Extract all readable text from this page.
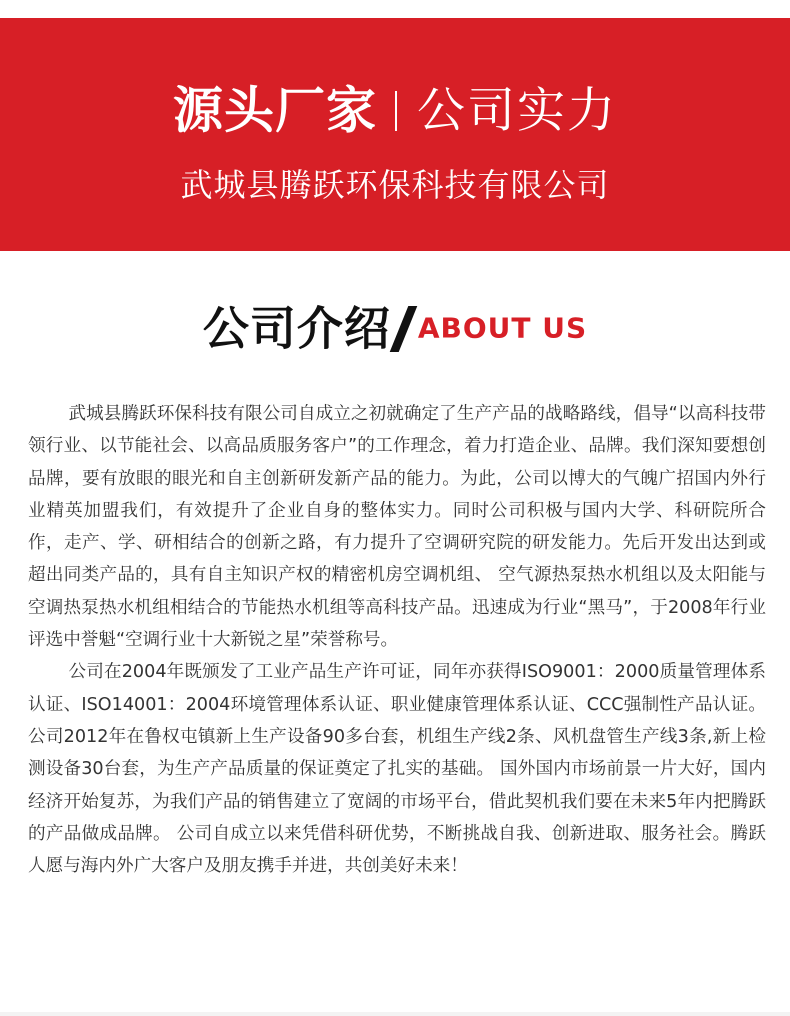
源头厂家 公司实力
武城县腾跃环保科技有限公司
公司介绍 ABOUT US

武城县腾跃环保科技有限公司自成立之初就确定了生产产品的战略路线，倡导“以高科技带领行业、以节能社会、以高品质服务客户”的工作理念，着力打造企业、品牌。我们深知要想创品牌，要有放眼的眼光和自主创新研发新产品的能力。为此，公司以博大的气魄广招国内外行业精英加盟我们，有效提升了企业自身的整体实力。同时公司积极与国内大学、科研院所合作，走产、学、研相结合的创新之路，有力提升了空调研究院的研发能力。先后开发出达到或超出同类产品的，具有自主知识产权的精密机房空调机组、 空气源热泵热水机组以及太阳能与空调热泵热水机组相结合的节能热水机组等高科技产品。迅速成为行业“黑马”，于2008年行业评选中誉魁“空调行业十大新锐之星”荣誉称号。

公司在2004年既颁发了工业产品生产许可证，同年亦获得ISO9001：2000质量管理体系认证、ISO14001：2004环境管理体系认证、职业健康管理体系认证、CCC强制性产品认证。 公司2012年在鲁权屯镇新上生产设备90多台套，机组生产线2条、风机盘管生产线3条,新上检测设备30台套，为生产产品质量的保证奠定了扎实的基础。 国外国内市场前景一片大好，国内经济开始复苏，为我们产品的销售建立了宽阔的市场平台，借此契机我们要在未来5年内把腾跃的产品做成品牌。 公司自成立以来凭借科研优势，不断挑战自我、创新进取、服务社会。腾跃人愿与海内外广大客户及朋友携手并进，共创美好未来！
